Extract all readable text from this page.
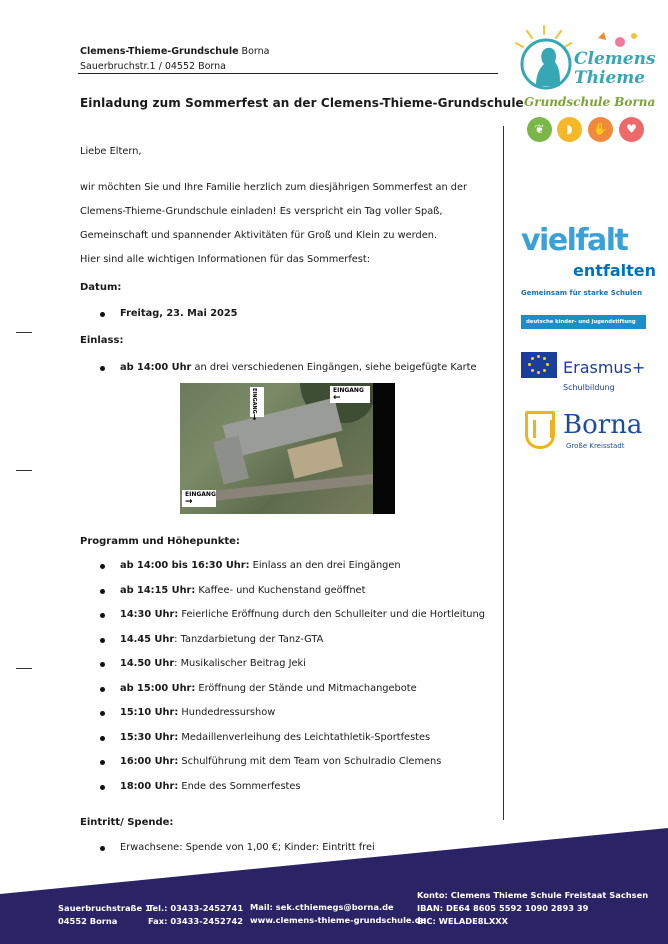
Clemens-Thieme-Grundschule Borna
Sauerbruchstr.1 / 04552 Borna
Einladung zum Sommerfest an der Clemens-Thieme-Grundschule
Liebe Eltern,
wir möchten Sie und Ihre Familie herzlich zum diesjährigen Sommerfest an der
Clemens-Thieme-Grundschule einladen! Es verspricht ein Tag voller Spaß,
Gemeinschaft und spannender Aktivitäten für Groß und Klein zu werden.
Hier sind alle wichtigen Informationen für das Sommerfest:
Datum:
Freitag, 23. Mai 2025
Einlass:
ab 14:00 Uhr an drei verschiedenen Eingängen, siehe beigefügte Karte
EINGANG
↓
EINGANG
←
EINGANG
→
Programm und Höhepunkte:
ab 14:00 bis 16:30 Uhr: Einlass an den drei Eingängen
ab 14:15 Uhr: Kaffee- und Kuchenstand geöffnet
14:30 Uhr: Feierliche Eröffnung durch den Schulleiter und die Hortleitung
14.45 Uhr: Tanzdarbietung der Tanz-GTA
14.50 Uhr: Musikalischer Beitrag Jeki
ab 15:00 Uhr: Eröffnung der Stände und Mitmachangebote
15:10 Uhr: Hundedressurshow
15:30 Uhr: Medaillenverleihung des Leichtathletik-Sportfestes
16:00 Uhr: Schulführung mit dem Team von Schulradio Clemens
18:00 Uhr: Ende des Sommerfestes
Eintritt/ Spende:
Erwachsene: Spende von 1,00 €; Kinder: Eintritt frei
Clemens
Thieme
Grundschule Borna
❦	◗	✋	♥
vielfalt
entfalten
Gemeinsam für starke Schulen
deutsche kinder- und jugendstiftung
Erasmus+
Schulbildung
Borna
Große Kreisstadt
Sauerbruchstraße 1
04552 Borna
Tel.: 03433-2452741
Fax: 03433-2452742
Mail: sek.cthiemegs@borna.de
www.clemens-thieme-grundschule.de
Konto: Clemens Thieme Schule Freistaat Sachsen
IBAN: DE64 8605 5592 1090 2893 39
BIC: WELADE8LXXX
